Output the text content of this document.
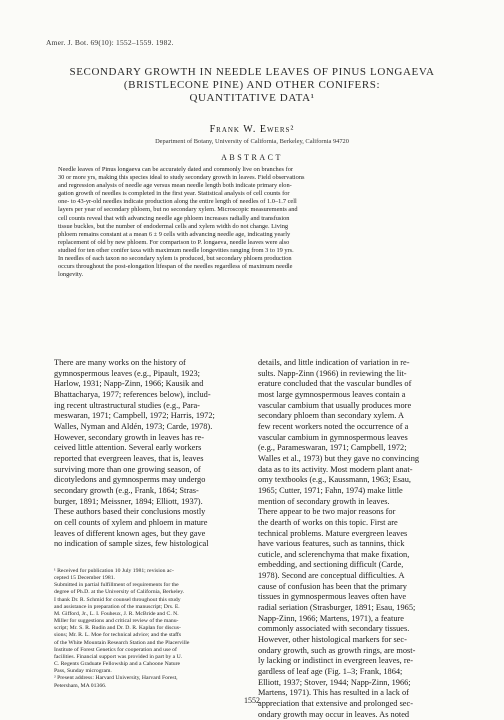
Amer. J. Bot. 69(10): 1552–1559. 1982.
SECONDARY GROWTH IN NEEDLE LEAVES OF PINUS LONGAEVA
(BRISTLECONE PINE) AND OTHER CONIFERS:
QUANTITATIVE DATA¹
Frank W. Ewers²
Department of Botany, University of California, Berkeley, California 94720
ABSTRACT
Needle leaves of Pinus longaeva can be accurately dated and commonly live on branches for
30 or more yrs, making this species ideal to study secondary growth in leaves. Field observations
and regression analysis of needle age versus mean needle length both indicate primary elon-
gation growth of needles is completed in the first year. Statistical analysis of cell counts for
one- to 43-yr-old needles indicate production along the entire length of needles of 1.0–1.7 cell
layers per year of secondary phloem, but no secondary xylem. Microscopic measurements and
cell counts reveal that with advancing needle age phloem increases radially and transfusion
tissue buckles, but the number of endodermal cells and xylem width do not change. Living
phloem remains constant at a mean 6 ± 9 cells with advancing needle age, indicating yearly
replacement of old by new phloem. For comparison to P. longaeva, needle leaves were also
studied for ten other conifer taxa with maximum needle longevities ranging from 3 to 19 yrs.
In needles of each taxon no secondary xylem is produced, but secondary phloem production
occurs throughout the post-elongation lifespan of the needles regardless of maximum needle
longevity.
There are many works on the history of
gymnospermous leaves (e.g., Pipault, 1923;
Harlow, 1931; Napp-Zinn, 1966; Kausik and
Bhattacharya, 1977; references below), includ-
ing recent ultrastructural studies (e.g., Para-
meswaran, 1971; Campbell, 1972; Harris, 1972;
Walles, Nyman and Aldén, 1973; Carde, 1978).
However, secondary growth in leaves has re-
ceived little attention. Several early workers
reported that evergreen leaves, that is, leaves
surviving more than one growing season, of
dicotyledons and gymnosperms may undergo
secondary growth (e.g., Frank, 1864; Stras-
burger, 1891; Meissner, 1894; Elliott, 1937).
These authors based their conclusions mostly
on cell counts of xylem and phloem in mature
leaves of different known ages, but they gave
no indication of sample sizes, few histological
details, and little indication of variation in re-
sults. Napp-Zinn (1966) in reviewing the lit-
erature concluded that the vascular bundles of
most large gymnospermous leaves contain a
vascular cambium that usually produces more
secondary phloem than secondary xylem. A
few recent workers noted the occurrence of a
vascular cambium in gymnospermous leaves
(e.g., Parameswaran, 1971; Campbell, 1972;
Walles et al., 1973) but they gave no convincing
data as to its activity. Most modern plant anat-
omy textbooks (e.g., Kaussmann, 1963; Esau,
1965; Cutter, 1971; Fahn, 1974) make little
mention of secondary growth in leaves.
There appear to be two major reasons for
the dearth of works on this topic. First are
technical problems. Mature evergreen leaves
have various features, such as tannins, thick
cuticle, and sclerenchyma that make fixation,
embedding, and sectioning difficult (Carde,
1978). Second are conceptual difficulties. A
cause of confusion has been that the primary
tissues in gymnospermous leaves often have
radial seriation (Strasburger, 1891; Esau, 1965;
Napp-Zinn, 1966; Martens, 1971), a feature
commonly associated with secondary tissues.
However, other histological markers for sec-
ondary growth, such as growth rings, are most-
ly lacking or indistinct in evergreen leaves, re-
gardless of leaf age (Fig. 1–3; Frank, 1864;
Elliott, 1937; Stover, 1944; Napp-Zinn, 1966;
Martens, 1971). This has resulted in a lack of
appreciation that extensive and prolonged sec-
ondary growth may occur in leaves. As noted
¹ Received for publication 10 July 1981; revision ac-
cepted 15 December 1981.
Submitted in partial fulfillment of requirements for the
degree of Ph.D. at the University of California, Berkeley.
I thank Dr. R. Schmid for counsel throughout this study
and assistance in preparation of the manuscript; Drs. E.
M. Gifford, Jr., L. I. Fouheux, J. R. McBride and C. N.
Miller for suggestions and critical review of the manu-
script; Mr. S. R. Rudin and Dr. D. R. Kaplan for discus-
sions; Mr. R. L. Moe for technical advice; and the staffs
of the White Mountain Research Station and the Placerville
Institute of Forest Genetics for cooperation and use of
facilities. Financial support was provided in part by a U.
C. Regents Graduate Fellowship and a Cahoone Nature
Pass, Sunday microgram.
² Present address: Harvard University, Harvard Forest,
Petersham, MA 01366.
1552
